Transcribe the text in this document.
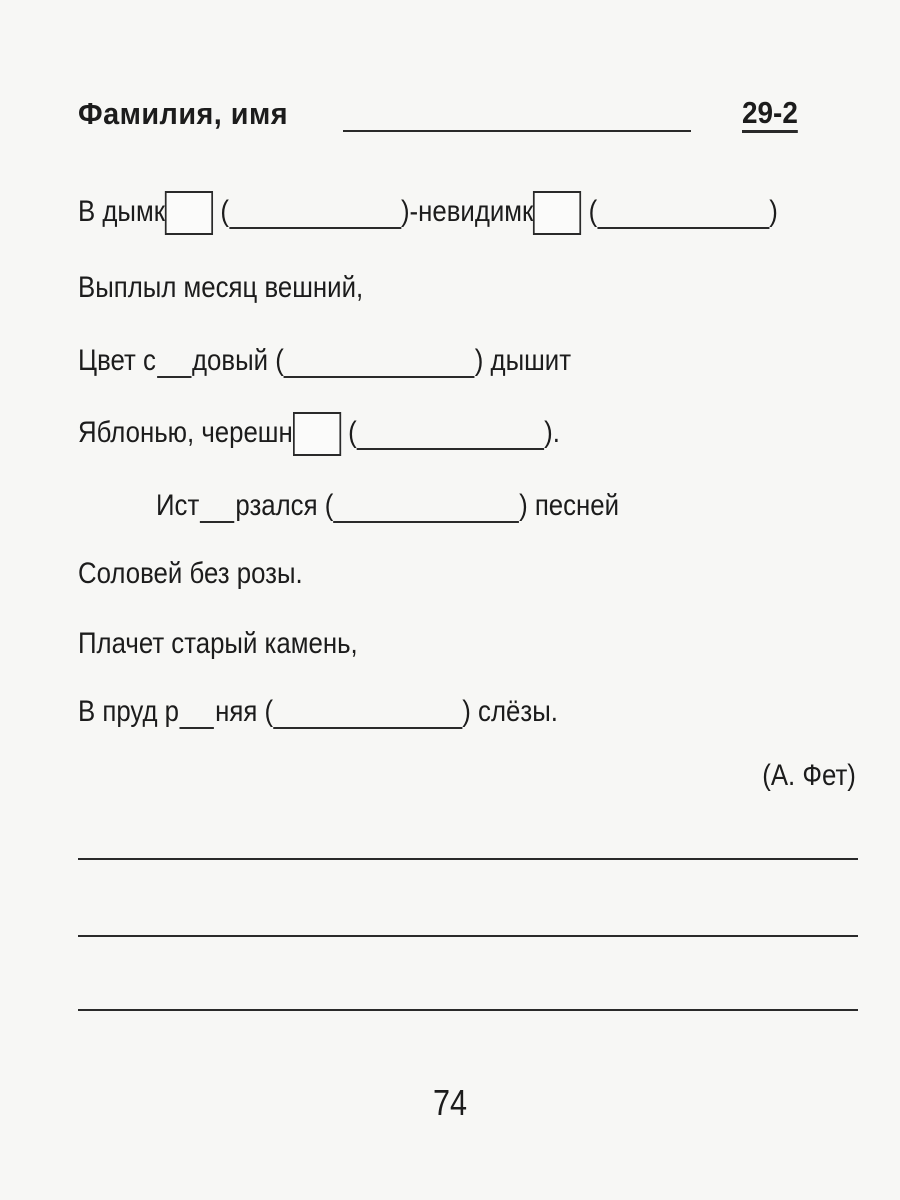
Фамилия, имя	29-2
В дымк (	)-невидимк (	)
Выплыл месяц вешний,
Цвет с довый (	) дышит
Яблонью, черешн (	).
Ист рзался (	) песней
Соловей без розы.
Плачет старый камень,
В пруд р няя (	) слёзы.
(А. Фет)
74
